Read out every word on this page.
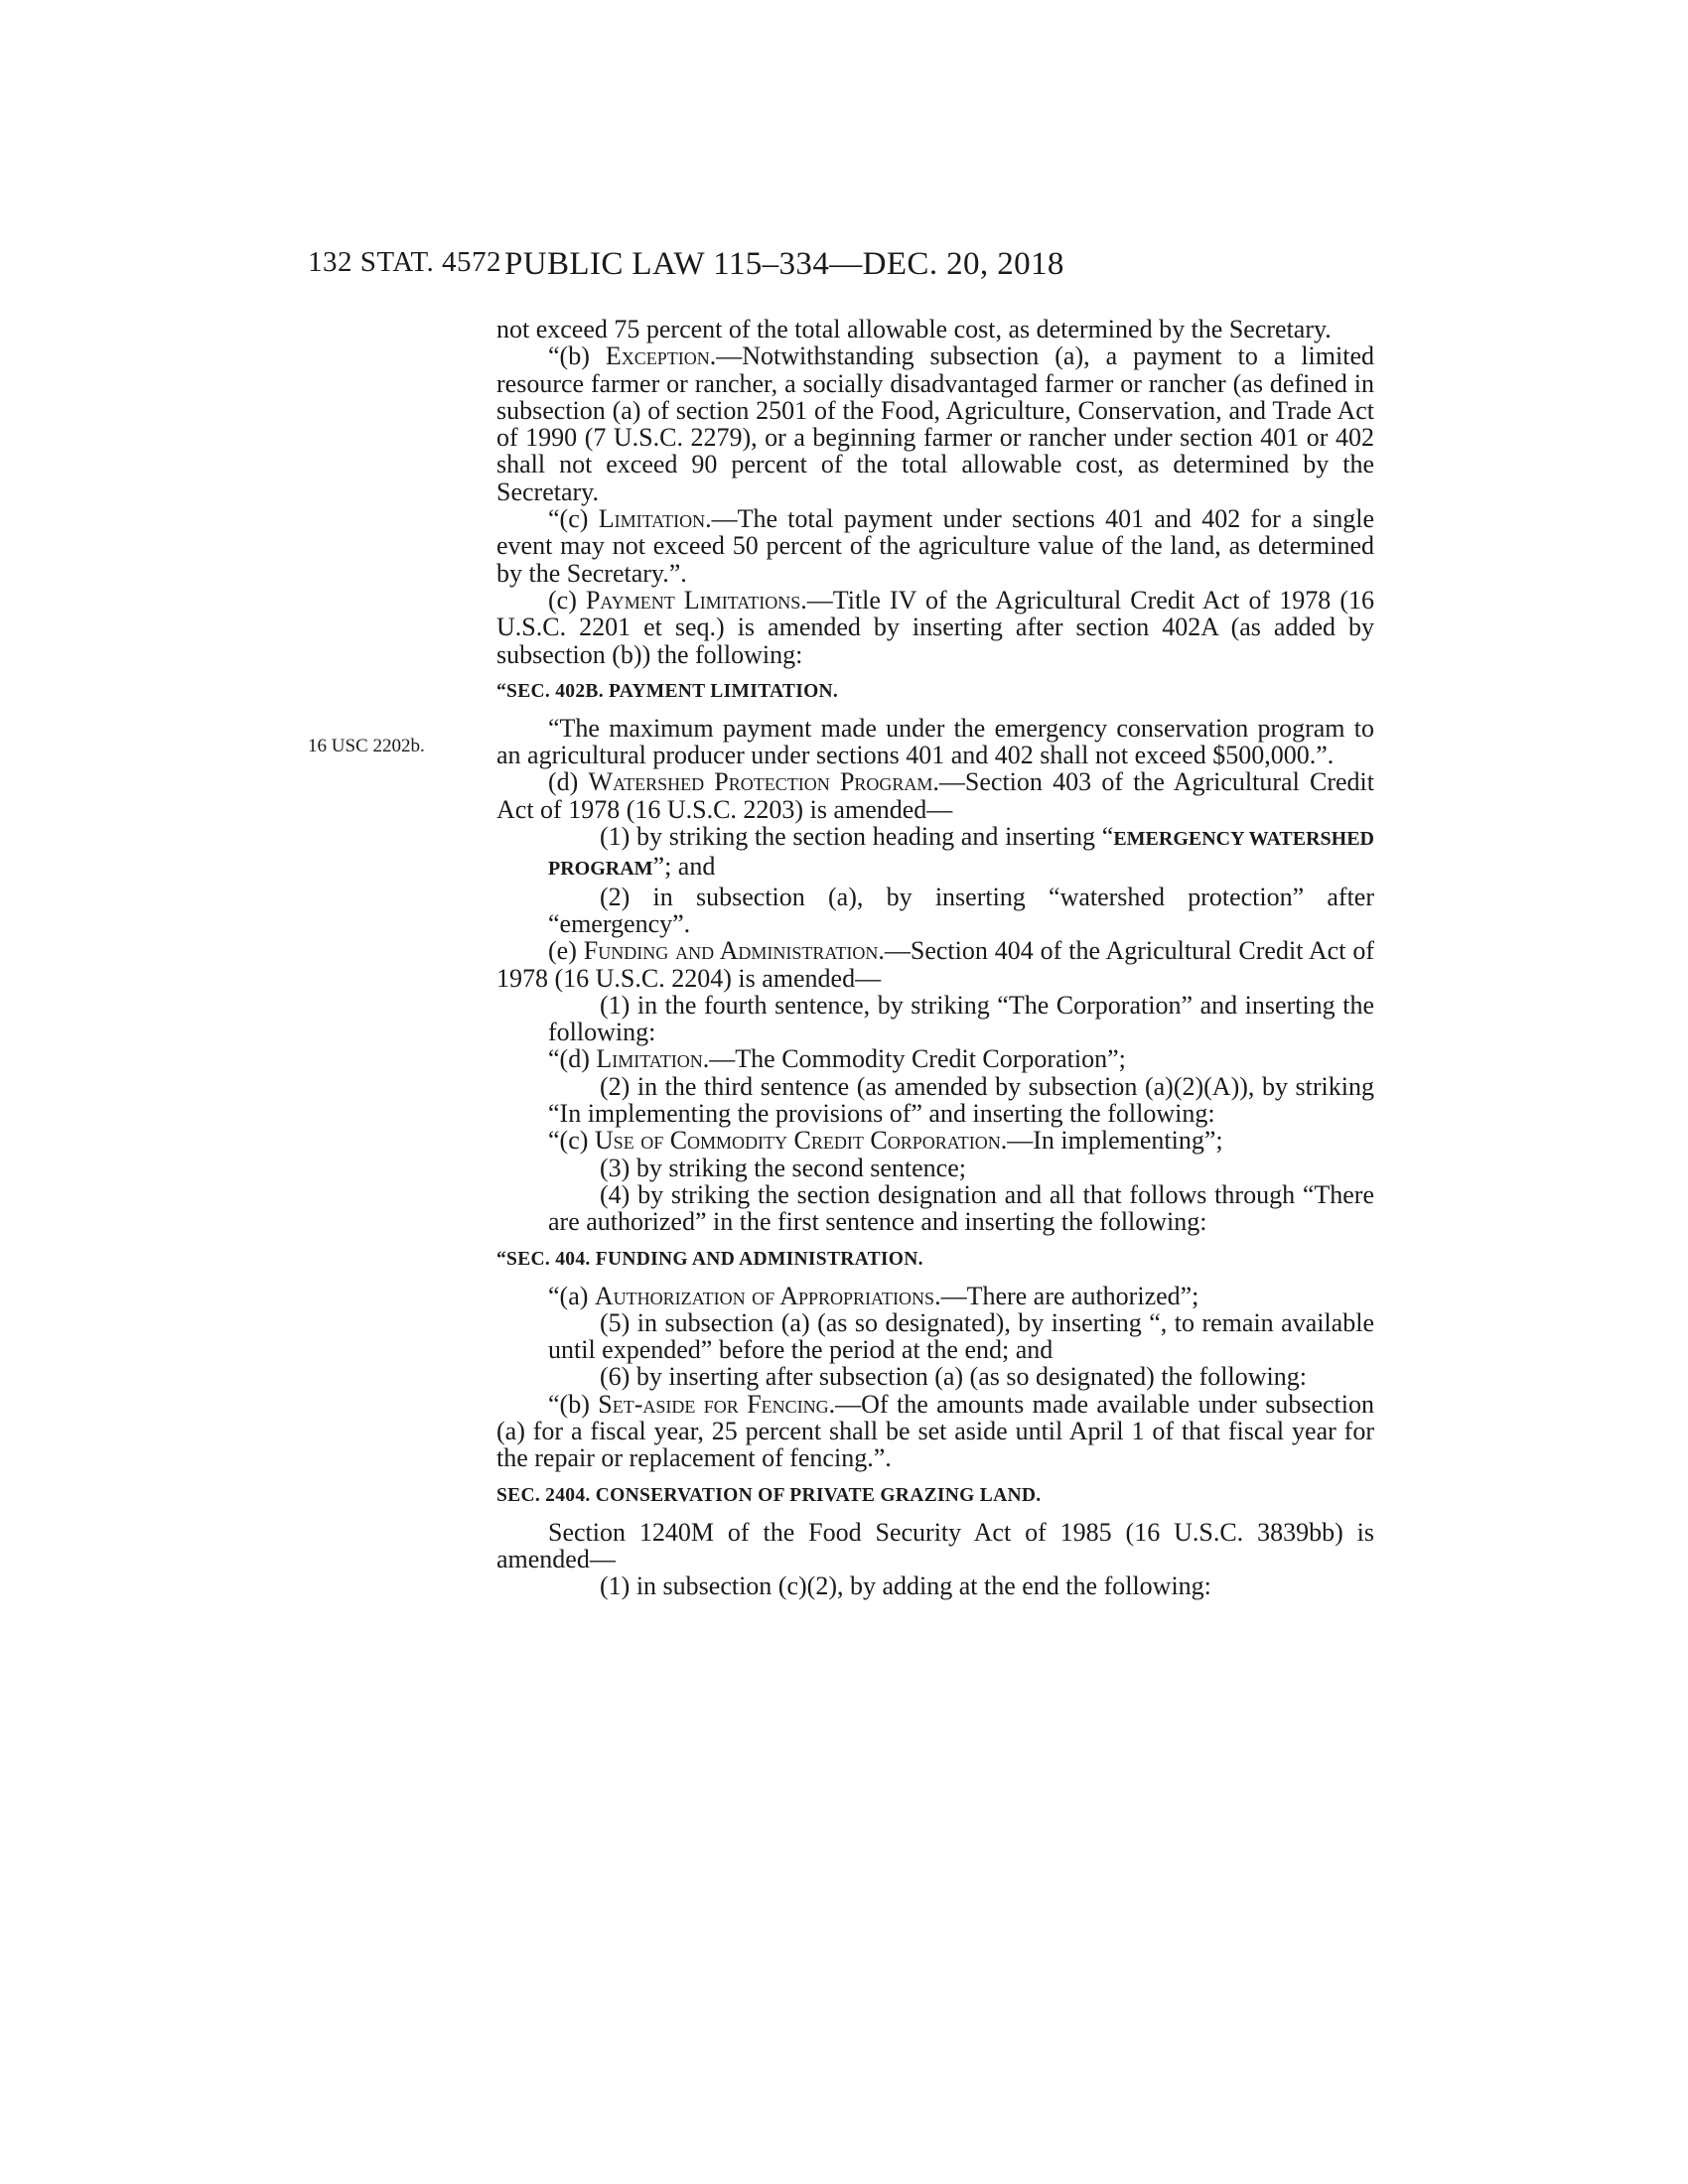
132 STAT. 4572 PUBLIC LAW 115–334—DEC. 20, 2018
16 USC 2202b.

not exceed 75 percent of the total allowable cost, as determined by the Secretary.

“(b) Exception.—Notwithstanding subsection (a), a payment to a limited resource farmer or rancher, a socially disadvantaged farmer or rancher (as defined in subsection (a) of section 2501 of the Food, Agriculture, Conservation, and Trade Act of 1990 (7 U.S.C. 2279), or a beginning farmer or rancher under section 401 or 402 shall not exceed 90 percent of the total allowable cost, as determined by the Secretary.

“(c) Limitation.—The total payment under sections 401 and 402 for a single event may not exceed 50 percent of the agriculture value of the land, as determined by the Secretary.”.

(c) Payment Limitations.—Title IV of the Agricultural Credit Act of 1978 (16 U.S.C. 2201 et seq.) is amended by inserting after section 402A (as added by subsection (b)) the following:

“SEC. 402B. PAYMENT LIMITATION.

“The maximum payment made under the emergency conservation program to an agricultural producer under sections 401 and 402 shall not exceed $500,000.”.

(d) Watershed Protection Program.—Section 403 of the Agricultural Credit Act of 1978 (16 U.S.C. 2203) is amended—

(1) by striking the section heading and inserting “EMERGENCY WATERSHED PROGRAM”; and

(2) in subsection (a), by inserting “watershed protection” after “emergency”.

(e) Funding and Administration.—Section 404 of the Agricultural Credit Act of 1978 (16 U.S.C. 2204) is amended—

(1) in the fourth sentence, by striking “The Corporation” and inserting the following:

“(d) Limitation.—The Commodity Credit Corporation”;

(2) in the third sentence (as amended by subsection (a)(2)(A)), by striking “In implementing the provisions of” and inserting the following:

“(c) Use of Commodity Credit Corporation.—In implementing”;

(3) by striking the second sentence;

(4) by striking the section designation and all that follows through “There are authorized” in the first sentence and inserting the following:

“SEC. 404. FUNDING AND ADMINISTRATION.

“(a) Authorization of Appropriations.—There are authorized”;

(5) in subsection (a) (as so designated), by inserting “, to remain available until expended” before the period at the end; and

(6) by inserting after subsection (a) (as so designated) the following:

“(b) Set-aside for Fencing.—Of the amounts made available under subsection (a) for a fiscal year, 25 percent shall be set aside until April 1 of that fiscal year for the repair or replacement of fencing.”.

SEC. 2404. CONSERVATION OF PRIVATE GRAZING LAND.

Section 1240M of the Food Security Act of 1985 (16 U.S.C. 3839bb) is amended—

(1) in subsection (c)(2), by adding at the end the following:
